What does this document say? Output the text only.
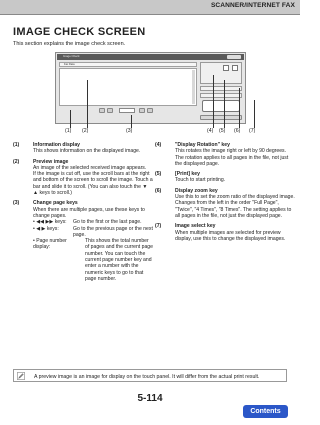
SCANNER/INTERNET FAX
IMAGE CHECK SCREEN
This section explains the image check screen.
Image Check
Fax Data
(1) (2)	(3)	(4) (5) (6) (7)
(1)	Information display

This shows information on the displayed image.

(2)	Preview image

An image of the selected received image appears.

If the image is cut off, use the scroll bars at the right and bottom of the screen to scroll the image. Touch a bar and slide it to scroll. (You can also touch the ▼ ▲ keys to scroll.)

(3)	Change page keys

When there are multiple pages, use these keys to change pages.

• ◀◀ ▶▶ keys:	Go to the first or the last page.
• ◀ ▶ keys:	Go to the previous page or the next page.
• Page number display:
This shows the total number of pages and the current page number. You can touch the current page number key and enter a number with the numeric keys to go to that page number.
(4)	"Display Rotation" key

This rotates the image right or left by 90 degrees. The rotation applies to all pages in the file, not just the displayed page.

(5)	[Print] key

Touch to start printing.

(6)	Display zoom key

Use this to set the zoom ratio of the displayed image. Changes from the left in the order "Full Page", "Twice", "4 Times", "8 Times". The setting applies to all pages in the file, not just the displayed page.

(7)	Image select key

When multiple images are selected for preview display, use this to change the displayed images.

A preview image is an image for display on the touch panel. It will differ from the actual print result.
5-114
Contents
